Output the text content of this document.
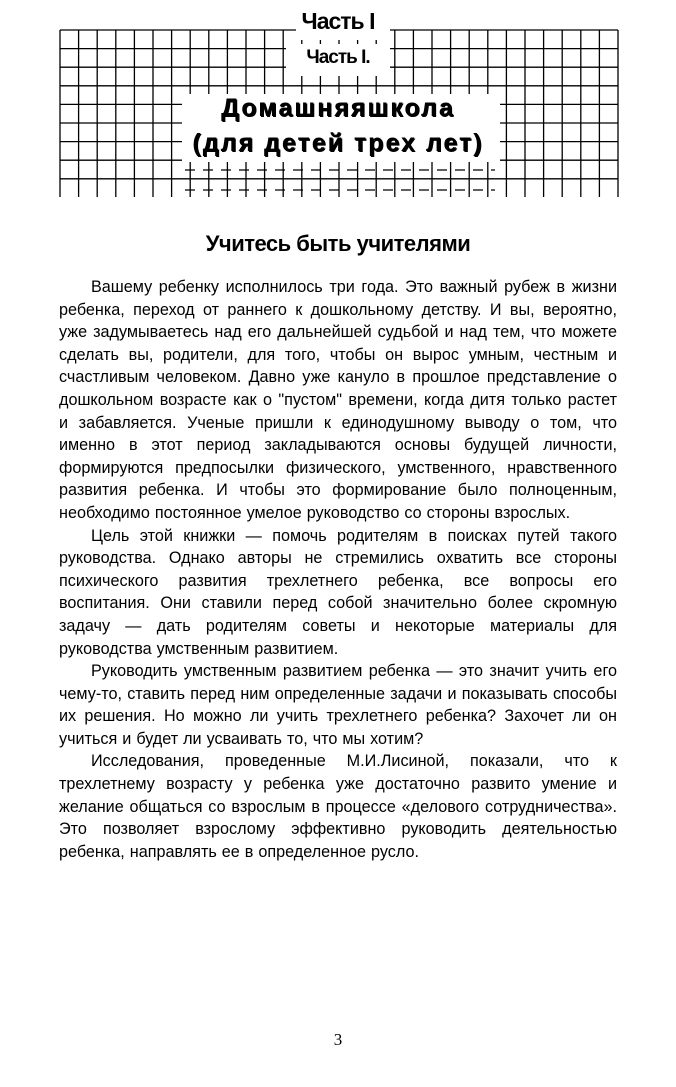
Часть I
Часть I.
Домашняяшкола
(для детей трех лет)
Учитесь быть учителями

Вашему ребенку исполнилось три года. Это важный рубеж в жизни ребенка, переход от раннего к дошкольному детству. И вы, вероятно, уже задумываетесь над его дальнейшей судьбой и над тем, что можете сделать вы, родители, для того, чтобы он вырос умным, честным и счастливым человеком. Давно уже кануло в прошлое представление о дошкольном возрасте как о "пустом" времени, когда дитя только растет и забавляется. Ученые пришли к единодушному выводу о том, что именно в этот период закладываются основы будущей личности, формируются предпосылки физического, умственного, нравственного развития ребенка. И чтобы это формирование было полноценным, необходимо постоянное умелое руководство со стороны взрослых.

Цель этой книжки — помочь родителям в поисках путей такого руководства. Однако авторы не стремились охватить все стороны психического развития трехлетнего ребенка, все вопросы его воспитания. Они ставили перед собой значительно более скромную задачу — дать родителям советы и некоторые материалы для руководства умственным развитием.

Руководить умственным развитием ребенка — это значит учить его чему-то, ставить перед ним определенные задачи и показывать способы их решения. Но можно ли учить трехлетнего ребенка? Захочет ли он учиться и будет ли усваивать то, что мы хотим?

Исследования, проведенные М.И.Лисиной, показали, что к трехлетнему возрасту у ребенка уже достаточно развито умение и желание общаться со взрослым в процессе «делового сотрудничества». Это позволяет взрослому эффективно руководить деятельностью ребенка, направлять ее в определенное русло.

3
